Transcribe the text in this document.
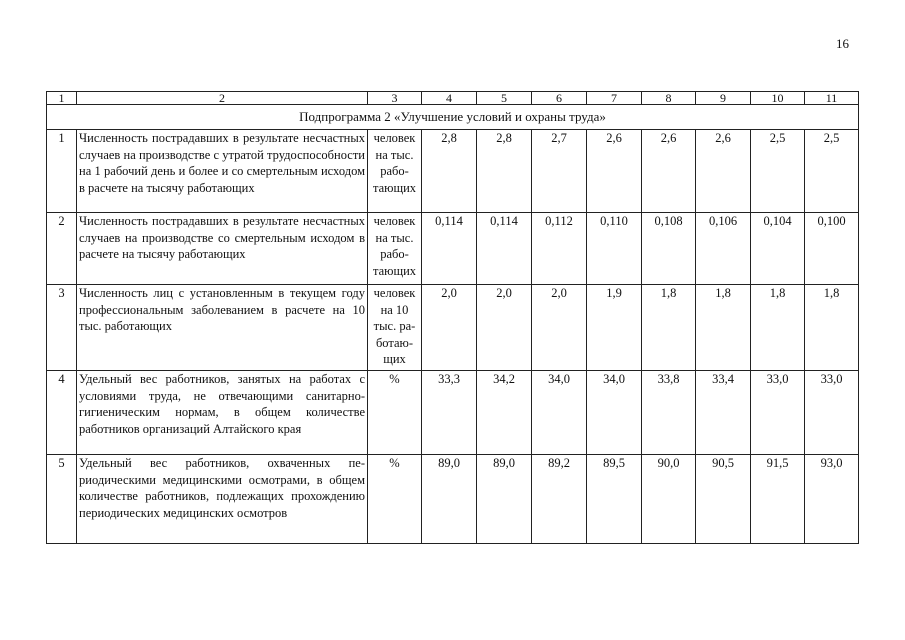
16
1	2	3	4	5	6	7	8	9	10	11
Подпрограмма 2 «Улучшение условий и охраны труда»										
1	Численность пострадавших в результате несчастных случаев на производстве с утратой трудоспособности на 1 рабочий день и более и со смертельным исходом в расчете на тысячу работающих	человек на тыс. работающих	2,8	2,8	2,7	2,6	2,6	2,6	2,5	2,5
2	Численность пострадавших в результате несчастных случаев на производстве со смертельным исходом в расчете на тысячу работающих	человек на тыс. работающих	0,114	0,114	0,112	0,110	0,108	0,106	0,104	0,100
3	Численность лиц с установленным в текущем году профессиональным заболеванием в расчете на 10 тыс. работающих	человек на 10 тыс. работающих	2,0	2,0	2,0	1,9	1,8	1,8	1,8	1,8
4	Удельный вес работников, занятых на работах с условиями труда, не отвечающими санитарно-гигиеническим нормам, в общем количестве работников организаций Алтайского края	%	33,3	34,2	34,0	34,0	33,8	33,4	33,0	33,0
5	Удельный вес работников, охваченных периодическими медицинскими осмотрами, в общем количестве работников, подлежащих прохождению периодических медицинских осмотров	%	89,0	89,0	89,2	89,5	90,0	90,5	91,5	93,0
